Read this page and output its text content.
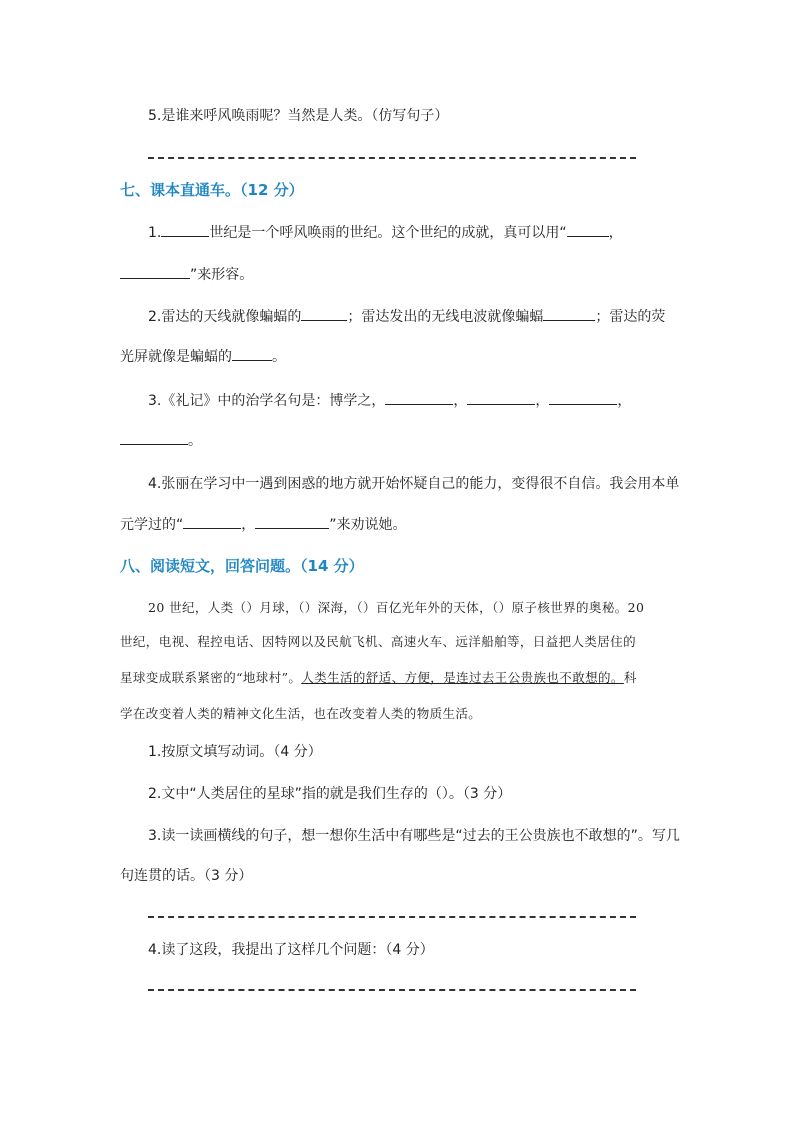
5.是谁来呼风唤雨呢？当然是人类。（仿写句子）

七、课本直通车。（12 分）

1.	世纪是一个呼风唤雨的世纪。这个世纪的成就，真可以用“	，

”来形容。

2.雷达的天线就像蝙蝠的	；雷达发出的无线电波就像蝙蝠	；雷达的荧

光屏就像是蝙蝠的	。

3.《礼记》中的治学名句是：博学之，	，	，	，

。

4.张丽在学习中一遇到困惑的地方就开始怀疑自己的能力，变得很不自信。我会用本单

元学过的“	，	”来劝说她。

八、阅读短文，回答问题。（14 分）

20 世纪，人类（）月球，（）深海，（）百亿光年外的天体，（）原子核世界的奥秘。20

世纪，电视、程控电话、因特网以及民航飞机、高速火车、远洋船舶等，日益把人类居住的

星球变成联系紧密的“地球村”。人类生活的舒适、方便，是连过去王公贵族也不敢想的。科

学在改变着人类的精神文化生活，也在改变着人类的物质生活。

1.按原文填写动词。（4 分）

2.文中“人类居住的星球”指的就是我们生存的（）。（3 分）

3.读一读画横线的句子，想一想你生活中有哪些是“过去的王公贵族也不敢想的”。写几

句连贯的话。（3 分）

4.读了这段，我提出了这样几个问题：（4 分）
